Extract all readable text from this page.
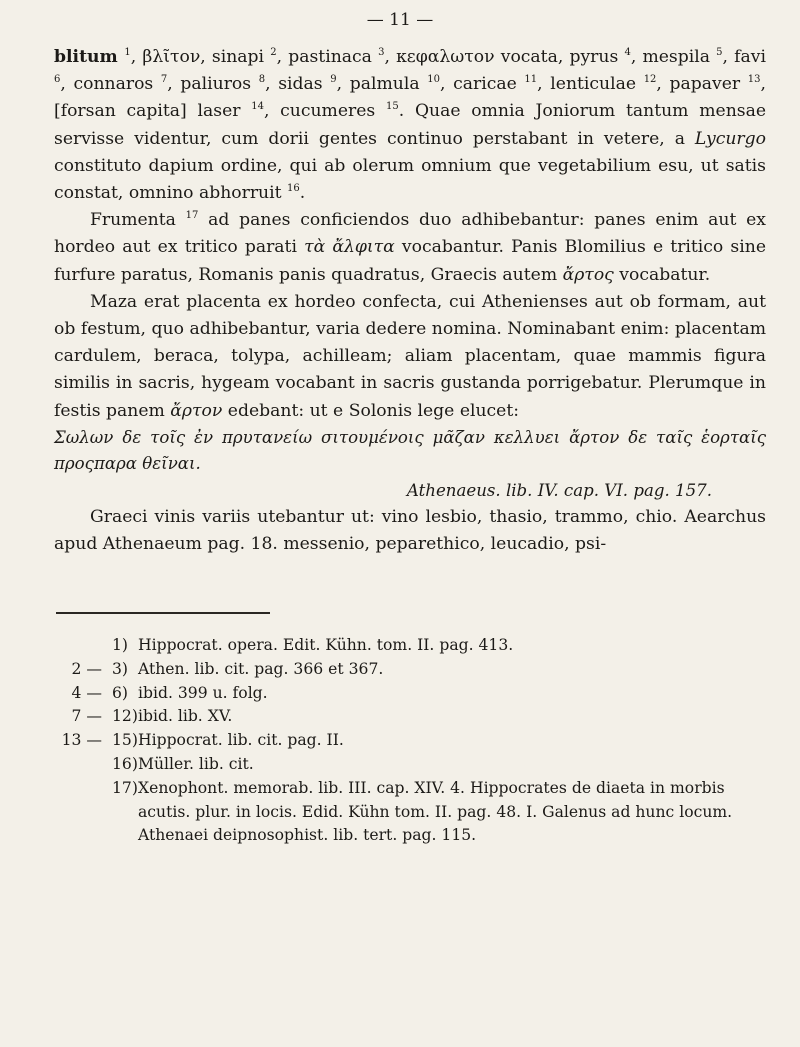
— 11 —

blitum $^1$, βλῖτον, sinapi $^2$, pastinaca $^3$, κεφαλωτον vocata, pyrus $^4$, mespila $^5$, favi $^6$, connaros $^7$, paliuros $^8$, sidas $^9$, palmula $^{10}$, caricae $^{11}$, lenticulae $^{12}$, papaver $^{13}$, [forsan capita] laser $^{14}$, cucumeres $^{15}$. Quae omnia Joniorum tantum mensae servisse videntur, cum dorii gentes continuo perstabant in vetere, a Lycurgo constituto dapium ordine, qui ab olerum omnium que vegetabilium esu, ut satis constat, omnino abhorruit $^{16}$.

Frumenta $^{17}$ ad panes conficiendos duo adhibebantur: panes enim aut ex hordeo aut ex tritico parati τὰ ἄλφιτα vocabantur. Panis Blomilius e tritico sine furfure paratus, Romanis panis quadratus, Graecis autem ἄρτος vocabatur.

Maza erat placenta ex hordeo confecta, cui Athenienses aut ob formam, aut ob festum, quo adhibebantur, varia dedere nomina. Nominabant enim: placentam cardulem, beraca, tolypa, achilleam; aliam placentam, quae mammis figura similis in sacris, hygeam vocabant in sacris gustanda porrigebatur. Plerumque in festis panem ἄρτον edebant: ut e Solonis lege elucet:

Σωλων δε τοῖς ἐν πρυτανείω σιτουμένοις μᾶζαν κελλυει ἄρτον δε ταῖς ἑορταῖς προςπαρα θεῖναι.

Athenaeus. lib. IV. cap. VI. pag. 157.

Graeci vinis variis utebantur ut: vino lesbio, thasio, trammo, chio. Aearchus apud Athenaeum pag. 18. messenio, peparethico, leucadio, psi-

1) Hippocrat. opera. Edit. Kühn. tom. II. pag. 413.
2 — 3) Athen. lib. cit. pag. 366 et 367.
4 — 6) ibid. 399 u. folg.
7 — 12) ibid. lib. XV.
13 — 15) Hippocrat. lib. cit. pag. II.
16) Müller. lib. cit.
17) Xenophont. memorab. lib. III. cap. XIV. 4. Hippocrates de diaeta in morbis acutis. plur. in locis. Edid. Kühn tom. II. pag. 48. I. Galenus ad hunc locum.
Athenaei deipnosophist. lib. tert. pag. 115.
